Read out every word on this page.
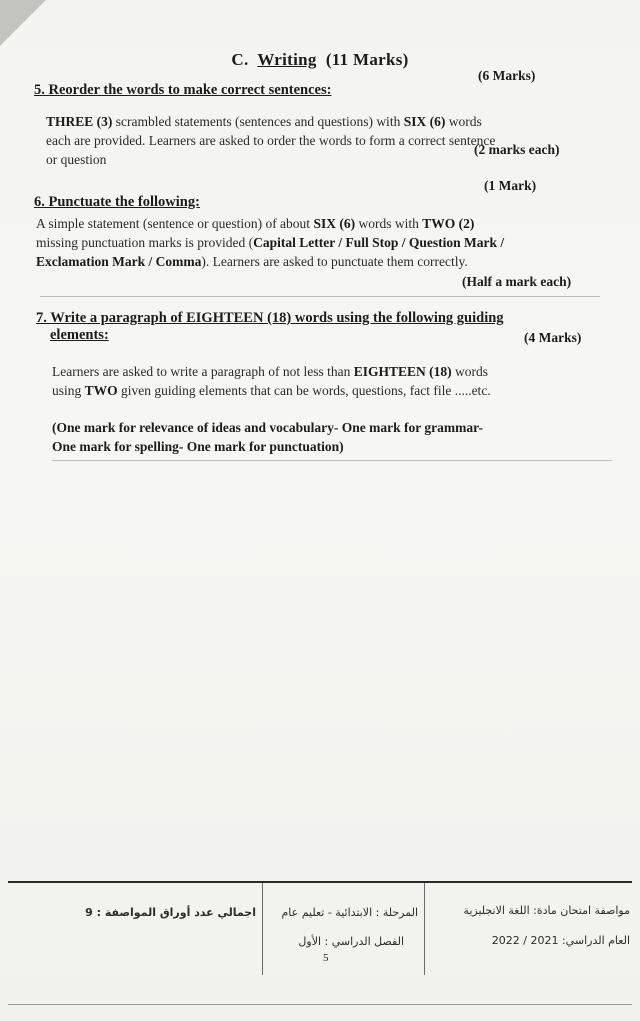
C. Writing (11 Marks)
5. Reorder the words to make correct sentences:
(6 Marks)
THREE (3) scrambled statements (sentences and questions) with SIX (6) words
each are provided. Learners are asked to order the words to form a correct sentence
or question
(2 marks each)
(1 Mark)
6. Punctuate the following:
A simple statement (sentence or question) of about SIX (6) words with TWO (2)
missing punctuation marks is provided (Capital Letter / Full Stop / Question Mark /
Exclamation Mark / Comma). Learners are asked to punctuate them correctly.
(Half a mark each)
7. Write a paragraph of EIGHTEEN (18) words using the following guiding
elements:	(4 Marks)
Learners are asked to write a paragraph of not less than EIGHTEEN (18) words
using TWO given guiding elements that can be words, questions, fact file .....etc.
(One mark for relevance of ideas and vocabulary- One mark for grammar-
One mark for spelling- One mark for punctuation)
مواصفة امتحان مادة: اللغة الانجليزية
العام الدراسي: 2021 / 2022
المرحلة : الابتدائية - تعليم عام
الفصل الدراسي : الأول
اجمالي عدد أوراق المواصفة : 9
5
